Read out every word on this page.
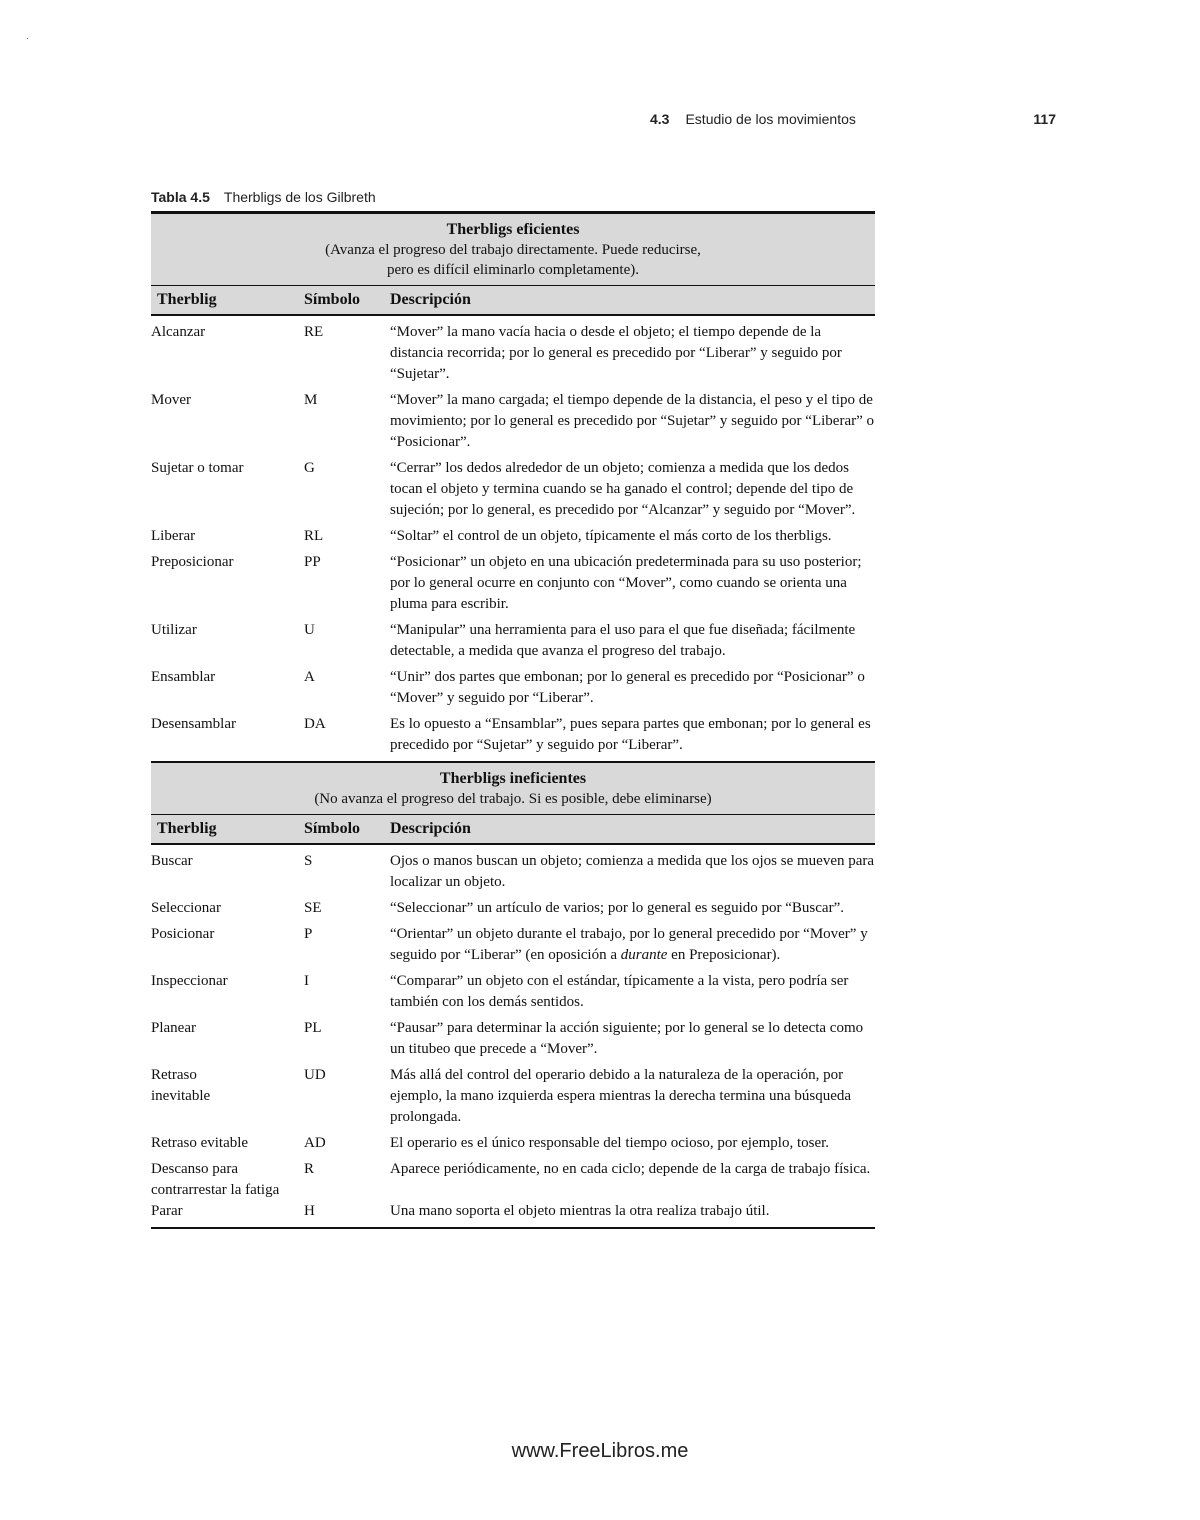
4.3 Estudio de los movimientos	117
Tabla 4.5 Therbligs de los Gilbreth
Therbligs eficientes
(Avanza el progreso del trabajo directamente. Puede reducirse,
pero es difícil eliminarlo completamente).		

Therblig	Símbolo	Descripción
Alcanzar	RE	“Mover” la mano vacía hacia o desde el objeto; el tiempo depende de la distancia recorrida; por lo general es precedido por “Liberar” y seguido por “Sujetar”.
Mover	M	“Mover” la mano cargada; el tiempo depende de la distancia, el peso y el tipo de movimiento; por lo general es precedido por “Sujetar” y seguido por “Liberar” o “Posicionar”.
Sujetar o tomar	G	“Cerrar” los dedos alrededor de un objeto; comienza a medida que los dedos tocan el objeto y termina cuando se ha ganado el control; depende del tipo de sujeción; por lo general, es precedido por “Alcanzar” y seguido por “Mover”.
Liberar	RL	“Soltar” el control de un objeto, típicamente el más corto de los therbligs.
Preposicionar	PP	“Posicionar” un objeto en una ubicación predeterminada para su uso posterior; por lo general ocurre en conjunto con “Mover”, como cuando se orienta una pluma para escribir.
Utilizar	U	“Manipular” una herramienta para el uso para el que fue diseñada; fácilmente detectable, a medida que avanza el progreso del trabajo.
Ensamblar	A	“Unir” dos partes que embonan; por lo general es precedido por “Posicionar” o “Mover” y seguido por “Liberar”.
Desensamblar	DA	Es lo opuesto a “Ensamblar”, pues separa partes que embonan; por lo general es precedido por “Sujetar” y seguido por “Liberar”.

Therbligs ineficientes
(No avanza el progreso del trabajo. Si es posible, debe eliminarse)		

Therblig	Símbolo	Descripción
Buscar	S	Ojos o manos buscan un objeto; comienza a medida que los ojos se mueven para localizar un objeto.
Seleccionar	SE	“Seleccionar” un artículo de varios; por lo general es seguido por “Buscar”.
Posicionar	P	“Orientar” un objeto durante el trabajo, por lo general precedido por “Mover” y seguido por “Liberar” (en oposición a durante en Preposicionar).
Inspeccionar	I	“Comparar” un objeto con el estándar, típicamente a la vista, pero podría ser también con los demás sentidos.
Planear	PL	“Pausar” para determinar la acción siguiente; por lo general se lo detecta como un titubeo que precede a “Mover”.

Retraso
inevitable	UD	Más allá del control del operario debido a la naturaleza de la operación, por ejemplo, la mano izquierda espera mientras la derecha termina una búsqueda prolongada.
Retraso evitable	AD	El operario es el único responsable del tiempo ocioso, por ejemplo, toser.

Descanso para
contrarrestar la fatiga	R	Aparece periódicamente, no en cada ciclo; depende de la carga de trabajo física.
Parar	H	Una mano soporta el objeto mientras la otra realiza trabajo útil.
www.FreeLibros.me
